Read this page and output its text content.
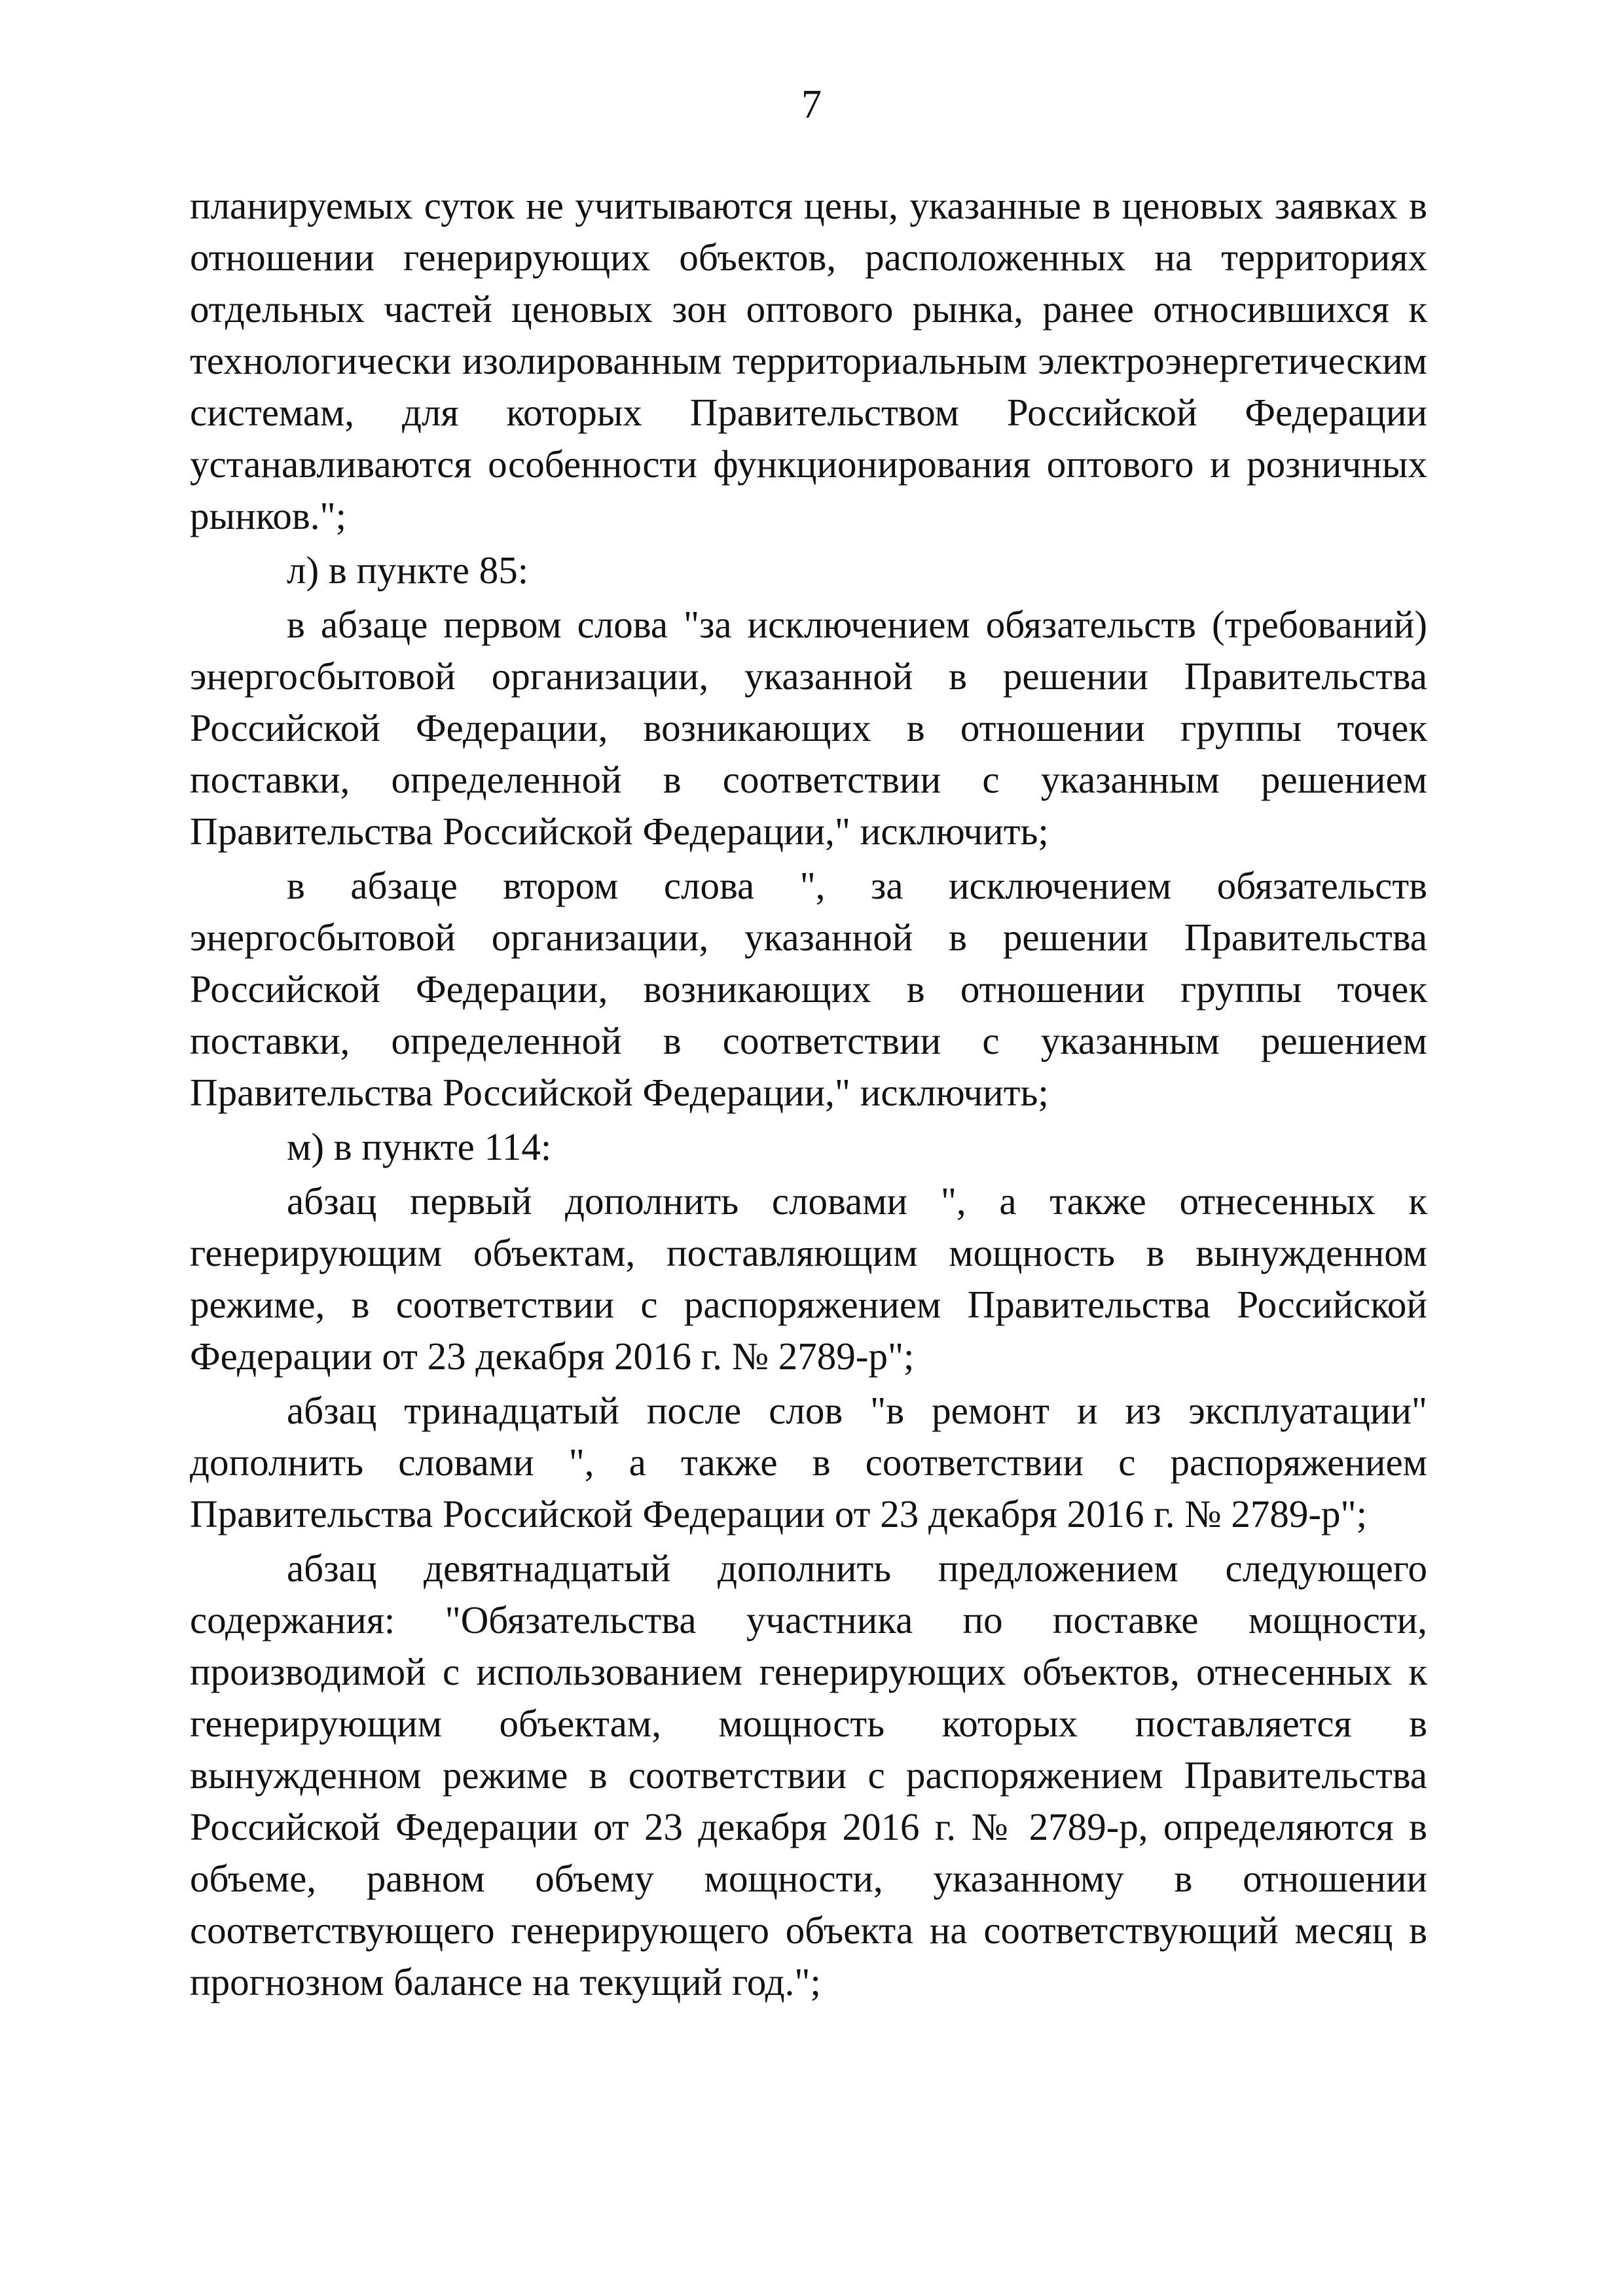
7

планируемых суток не учитываются цены, указанные в ценовых заявках в отношении генерирующих объектов, расположенных на территориях отдельных частей ценовых зон оптового рынка, ранее относившихся к технологически изолированным территориальным электроэнергетическим системам, для которых Правительством Российской Федерации устанавливаются особенности функционирования оптового и розничных рынков.";

л) в пункте 85:

в абзаце первом слова "за исключением обязательств (требований) энергосбытовой организации, указанной в решении Правительства Российской Федерации, возникающих в отношении группы точек поставки, определенной в соответствии с указанным решением Правительства Российской Федерации," исключить;

в абзаце втором слова ", за исключением обязательств энергосбытовой организации, указанной в решении Правительства Российской Федерации, возникающих в отношении группы точек поставки, определенной в соответствии с указанным решением Правительства Российской Федерации," исключить;

м) в пункте 114:

абзац первый дополнить словами ", а также отнесенных к генерирующим объектам, поставляющим мощность в вынужденном режиме, в соответствии с распоряжением Правительства Российской Федерации от 23 декабря 2016 г. № 2789-р";

абзац тринадцатый после слов "в ремонт и из эксплуатации" дополнить словами ", а также в соответствии с распоряжением Правительства Российской Федерации от 23 декабря 2016 г. № 2789-р";

абзац девятнадцатый дополнить предложением следующего содержания: "Обязательства участника по поставке мощности, производимой с использованием генерирующих объектов, отнесенных к генерирующим объектам, мощность которых поставляется в вынужденном режиме в соответствии с распоряжением Правительства Российской Федерации от 23 декабря 2016 г. № 2789-р, определяются в объеме, равном объему мощности, указанному в отношении соответствующего генерирующего объекта на соответствующий месяц в прогнозном балансе на текущий год.";
